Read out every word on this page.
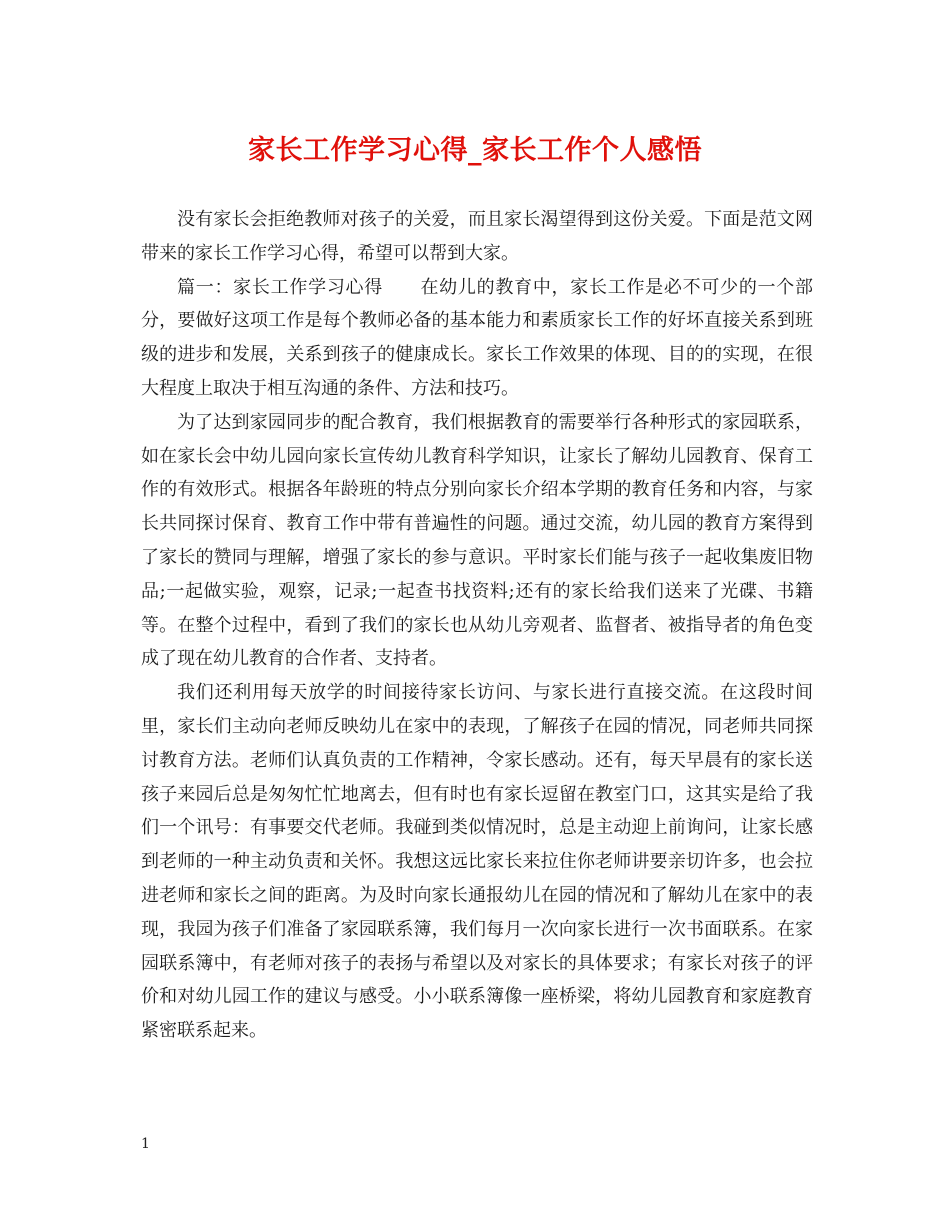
家长工作学习心得_家长工作个人感悟

没有家长会拒绝教师对孩子的关爱，而且家长渴望得到这份关爱。下面是范文网带来的家长工作学习心得，希望可以帮到大家。

篇一：家长工作学习心得　　在幼儿的教育中，家长工作是必不可少的一个部分，要做好这项工作是每个教师必备的基本能力和素质家长工作的好坏直接关系到班级的进步和发展，关系到孩子的健康成长。家长工作效果的体现、目的的实现，在很大程度上取决于相互沟通的条件、方法和技巧。

为了达到家园同步的配合教育，我们根据教育的需要举行各种形式的家园联系，如在家长会中幼儿园向家长宣传幼儿教育科学知识，让家长了解幼儿园教育、保育工作的有效形式。根据各年龄班的特点分别向家长介绍本学期的教育任务和内容，与家长共同探讨保育、教育工作中带有普遍性的问题。通过交流，幼儿园的教育方案得到了家长的赞同与理解，增强了家长的参与意识。平时家长们能与孩子一起收集废旧物品;一起做实验，观察，记录;一起查书找资料;还有的家长给我们送来了光碟、书籍等。在整个过程中，看到了我们的家长也从幼儿旁观者、监督者、被指导者的角色变成了现在幼儿教育的合作者、支持者。

我们还利用每天放学的时间接待家长访问、与家长进行直接交流。在这段时间里，家长们主动向老师反映幼儿在家中的表现，了解孩子在园的情况，同老师共同探讨教育方法。老师们认真负责的工作精神，令家长感动。还有，每天早晨有的家长送孩子来园后总是匆匆忙忙地离去，但有时也有家长逗留在教室门口，这其实是给了我们一个讯号：有事要交代老师。我碰到类似情况时，总是主动迎上前询问，让家长感到老师的一种主动负责和关怀。我想这远比家长来拉住你老师讲要亲切许多，也会拉进老师和家长之间的距离。为及时向家长通报幼儿在园的情况和了解幼儿在家中的表现，我园为孩子们准备了家园联系簿，我们每月一次向家长进行一次书面联系。在家园联系簿中，有老师对孩子的表扬与希望以及对家长的具体要求；有家长对孩子的评价和对幼儿园工作的建议与感受。小小联系簿像一座桥梁，将幼儿园教育和家庭教育紧密联系起来。

1
